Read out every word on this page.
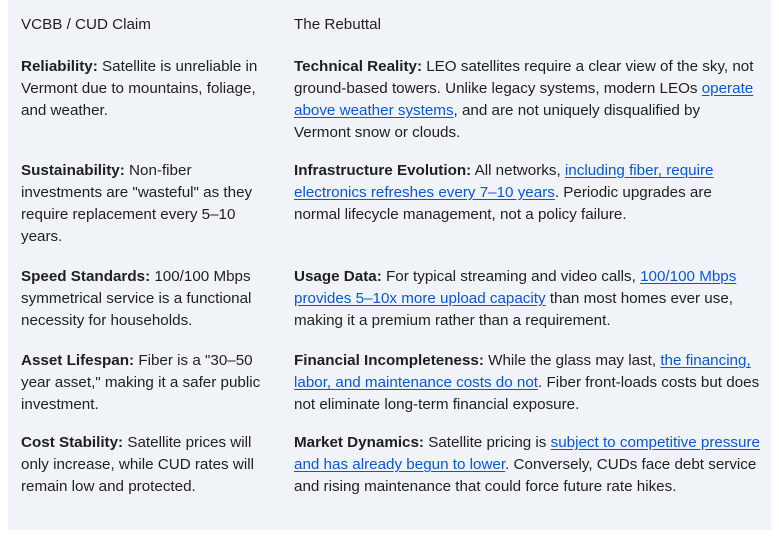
VCBB / CUD Claim	The Rebuttal
Reliability: Satellite is unreliable in Vermont due to mountains, foliage, and weather.
Technical Reality: LEO satellites require a clear view of the sky, not ground-based towers. Unlike legacy systems, modern LEOs operate above weather systems, and are not uniquely disqualified by Vermont snow or clouds.
Sustainability: Non-fiber investments are "wasteful" as they require replacement every 5–10 years.
Infrastructure Evolution: All networks, including fiber, require electronics refreshes every 7–10 years. Periodic upgrades are normal lifecycle management, not a policy failure.
Speed Standards: 100/100 Mbps symmetrical service is a functional necessity for households.
Usage Data: For typical streaming and video calls, 100/100 Mbps provides 5–10x more upload capacity than most homes ever use, making it a premium rather than a requirement.
Asset Lifespan: Fiber is a "30–50 year asset," making it a safer public investment.
Financial Incompleteness: While the glass may last, the financing, labor, and maintenance costs do not. Fiber front-loads costs but does not eliminate long-term financial exposure.
Cost Stability: Satellite prices will only increase, while CUD rates will remain low and protected.
Market Dynamics: Satellite pricing is subject to competitive pressure and has already begun to lower. Conversely, CUDs face debt service and rising maintenance that could force future rate hikes.
